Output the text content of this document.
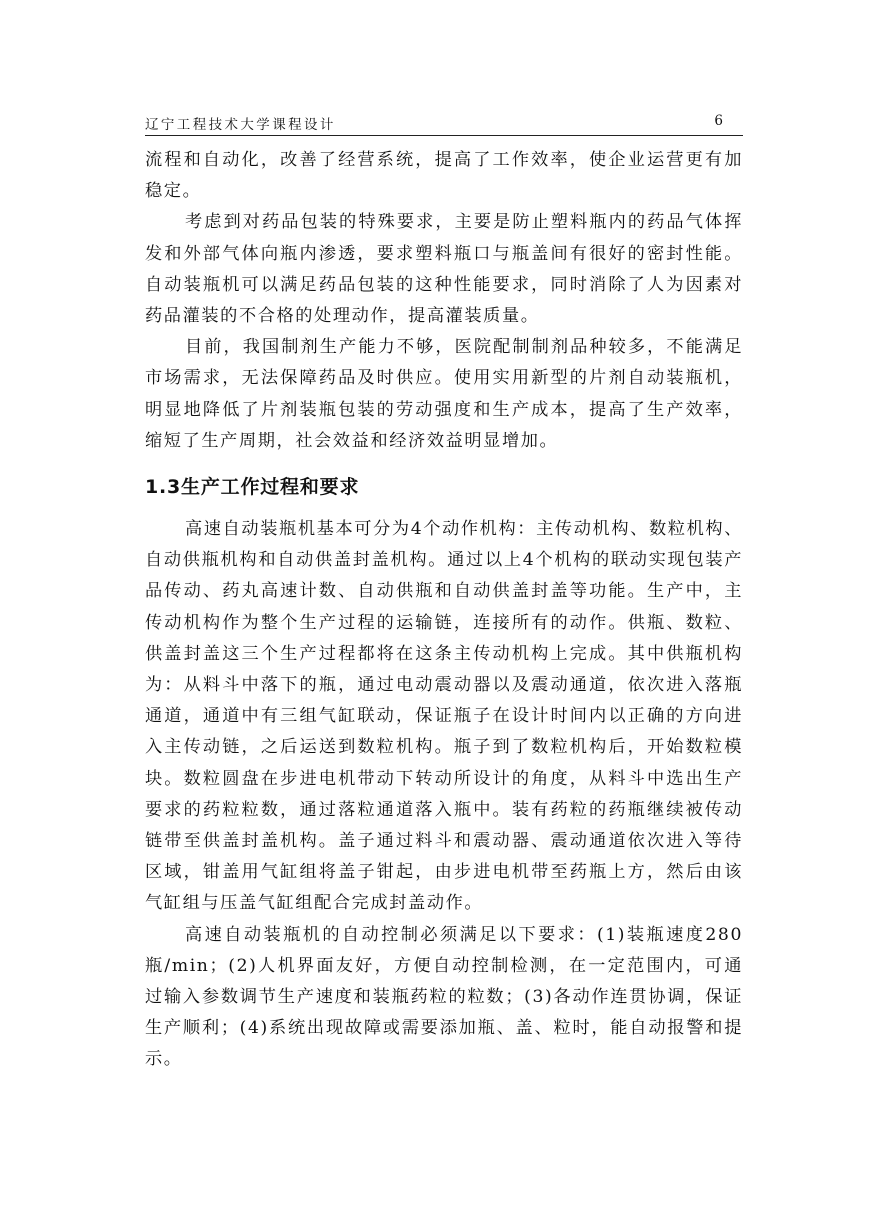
辽宁工程技术大学课程设计	6

流程和自动化，改善了经营系统，提高了工作效率，使企业运营更有加稳定。

考虑到对药品包装的特殊要求，主要是防止塑料瓶内的药品气体挥发和外部气体向瓶内渗透，要求塑料瓶口与瓶盖间有很好的密封性能。自动装瓶机可以满足药品包装的这种性能要求，同时消除了人为因素对药品灌装的不合格的处理动作，提高灌装质量。

目前，我国制剂生产能力不够，医院配制制剂品种较多，不能满足市场需求，无法保障药品及时供应。使用实用新型的片剂自动装瓶机，明显地降低了片剂装瓶包装的劳动强度和生产成本，提高了生产效率，缩短了生产周期，社会效益和经济效益明显增加。

1.3生产工作过程和要求

高速自动装瓶机基本可分为4个动作机构：主传动机构、数粒机构、自动供瓶机构和自动供盖封盖机构。通过以上4个机构的联动实现包装产品传动、药丸高速计数、自动供瓶和自动供盖封盖等功能。生产中，主传动机构作为整个生产过程的运输链，连接所有的动作。供瓶、数粒、供盖封盖这三个生产过程都将在这条主传动机构上完成。其中供瓶机构为：从料斗中落下的瓶，通过电动震动器以及震动通道，依次进入落瓶通道，通道中有三组气缸联动，保证瓶子在设计时间内以正确的方向进入主传动链，之后运送到数粒机构。瓶子到了数粒机构后，开始数粒模块。数粒圆盘在步进电机带动下转动所设计的角度，从料斗中选出生产要求的药粒粒数，通过落粒通道落入瓶中。装有药粒的药瓶继续被传动链带至供盖封盖机构。盖子通过料斗和震动器、震动通道依次进入等待区域，钳盖用气缸组将盖子钳起，由步进电机带至药瓶上方，然后由该气缸组与压盖气缸组配合完成封盖动作。

高速自动装瓶机的自动控制必须满足以下要求：(1)装瓶速度280瓶/min；(2)人机界面友好，方便自动控制检测，在一定范围内，可通过输入参数调节生产速度和装瓶药粒的粒数；(3)各动作连贯协调，保证生产顺利；(4)系统出现故障或需要添加瓶、盖、粒时，能自动报警和提示。
